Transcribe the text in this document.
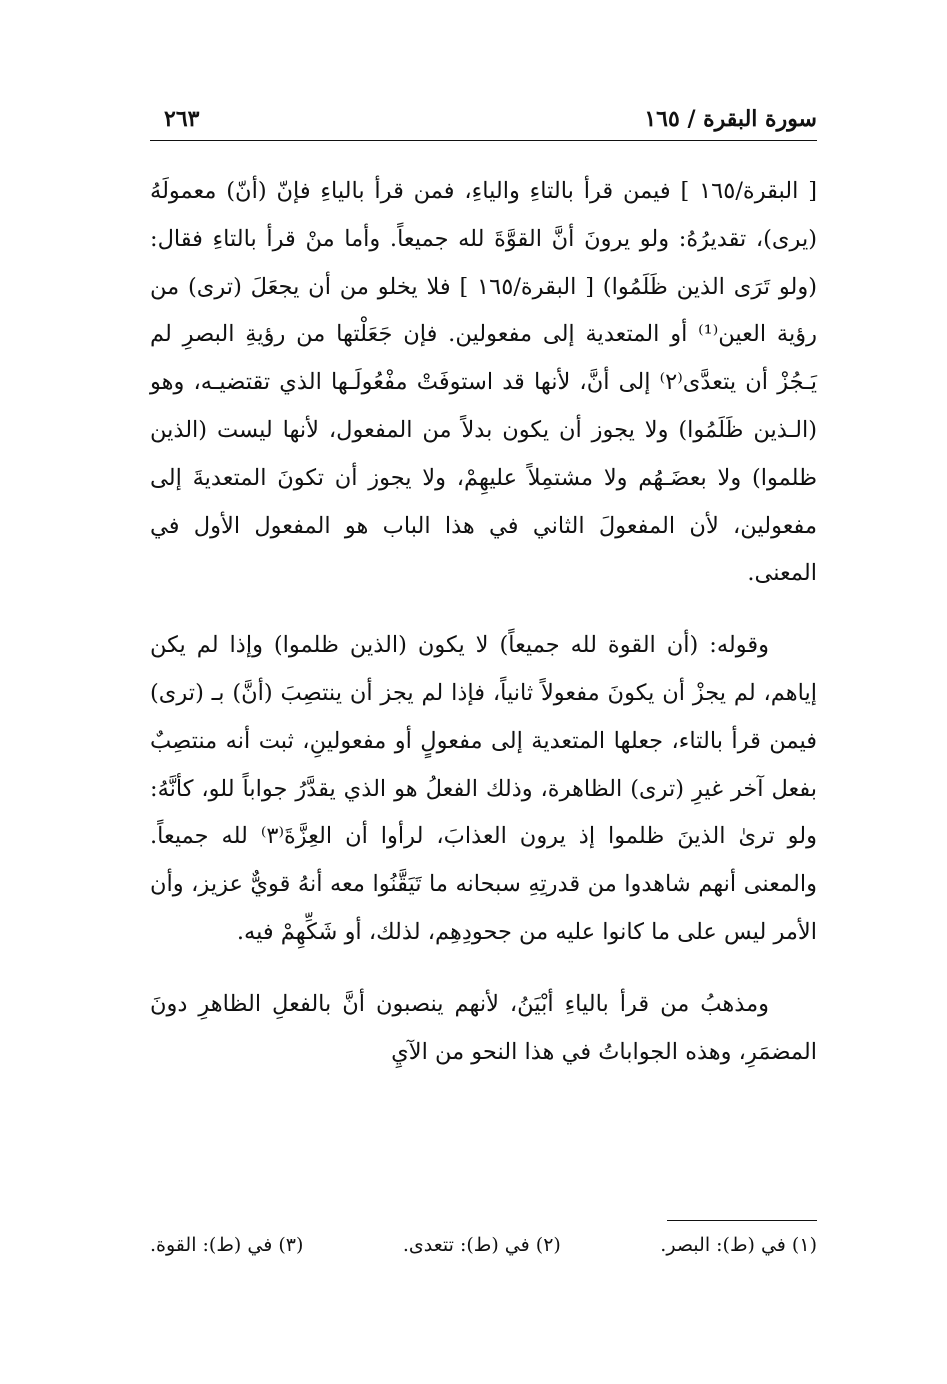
سورة البقرة / ١٦٥
٢٦٣

[ البقرة/١٦٥ ] فيمن قرأ بالتاءِ والياءِ، فمن قرأ بالياءِ فإنّ (أنّ) معمولَهُ (يرى)، تقديرُهُ: ولو يرونَ أنَّ القوَّةَ لله جميعاً. وأما منْ قرأ بالتاءِ فقال: (ولو تَرَى الذين ظَلَمُوا) [ البقرة/١٦٥ ] فلا يخلو من أن يجعَلَ (ترى) من رؤية العين⁽¹⁾ أو المتعدية إلى مفعولين. فإن جَعَلْتها من رؤيةِ البصرِ لم يَـجُزْ أن يتعدَّى⁽٢⁾ إلى أنَّ، لأنها قد استوفَتْ مفْعُولَـها الذي تقتضيـه، وهو (الـذين ظَلَمُوا) ولا يجوز أن يكون بدلاً من المفعول، لأنها ليست (الذين ظلموا) ولا بعضَـهُم ولا مشتمِلاً عليهِمْ، ولا يجوز أن تكونَ المتعديةَ إلى مفعولين، لأن المفعولَ الثاني في هذا الباب هو المفعول الأول في المعنى.

وقوله: (أن القوة لله جميعاً) لا يكون (الذين ظلموا) وإذا لم يكن إياهم، لم يجزْ أن يكونَ مفعولاً ثانياً، فإذا لم يجز أن ينتصِبَ (أنَّ) بـ (ترى) فيمن قرأ بالتاء، جعلها المتعدية إلى مفعولٍ أو مفعولينِ، ثبت أنه منتصِبٌ بفعل آخر غيرِ (ترى) الظاهرة، وذلك الفعلُ هو الذي يقدَّرُ جواباً للو، كأنَّهُ: ولو ترىٰ الذينَ ظلموا إذ يرون العذابَ، لرأوا أن العِزَّةَ⁽٣⁾ لله جميعاً. والمعنى أنهم شاهدوا من قدرتِهِ سبحانه ما تَيَقَّنُوا معه أنهُ قويٌّ عزيز، وأن الأمر ليس على ما كانوا عليه من جحودِهِم، لذلك، أو شَكِّهِمْ فيه.

ومذهبُ من قرأ بالياءِ أبْيَنُ، لأنهم ينصبون أنَّ بالفعلِ الظاهرِ دونَ المضمَرِ، وهذه الجواباتُ في هذا النحو من الآيِ

(١) في (ط): البصر.
(٢) في (ط): تتعدى.
(٣) في (ط): القوة.
